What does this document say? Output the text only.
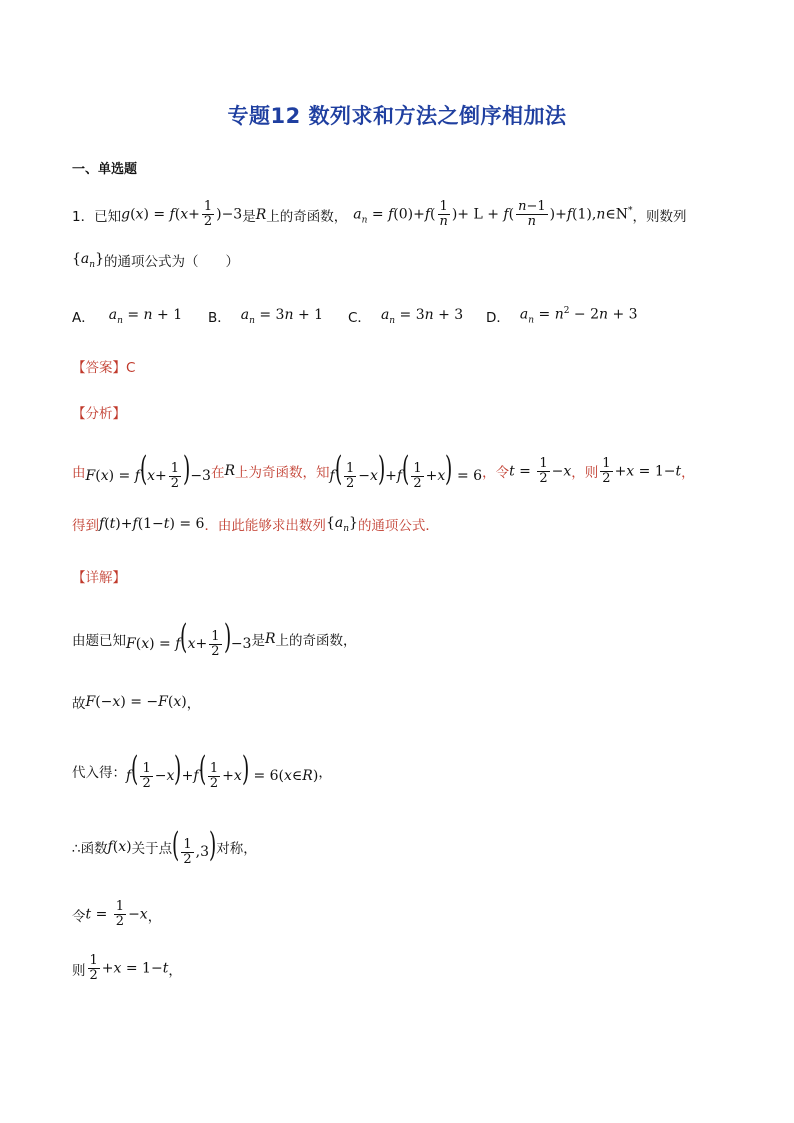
专题12 数列求和方法之倒序相加法
一、单选题
1． 已知 $g(x) = f(x+ \frac{1}{2} )-3$ 是 R 上的奇函数， $a_n = f(0)+f( \frac{1}{n}$ )+ $L + f( \frac{n-1}{n}$ )+f(1),n∈N* ，则数列
$\{a_n\}$ 的通项公式为（　　）
A． $a_n = n + 1$ B． $a_n = 3n + 1$ C． $a_n = 3n + 3$ D． $a_n = n^2 - 2n + 3$
【答案】C
【分析】
由 $F(x) = f(x+ \frac{1}{2} )-3$ 在 R 上为奇函数，知 $f( \frac{1}{2} -x)+f( \frac{1}{2} +x) = 6$ ，令 $t = \frac{1}{2} -x$ ，则 $\frac{1}{2} +x = 1-t$ ，
得到 f(t)+f(1−t) = 6 ．由此能够求出数列 $\{a_n\}$ 的通项公式．
【详解】
由题已知 $F(x) = f(x+ \frac{1}{2} )-3$ 是 R 上的奇函数，
故 F(−x) = −F(x) ，
代入得： $f( \frac{1}{2} -x)+f( \frac{1}{2} +x)$ = 6(x∈R) ，
∴函数 f(x) 关于点 ( $\frac{1}{2} ,3$) 对称，
令 $t = \frac{1}{2} -x$ ，
则 $\frac{1}{2} +x = 1-t$ ，
